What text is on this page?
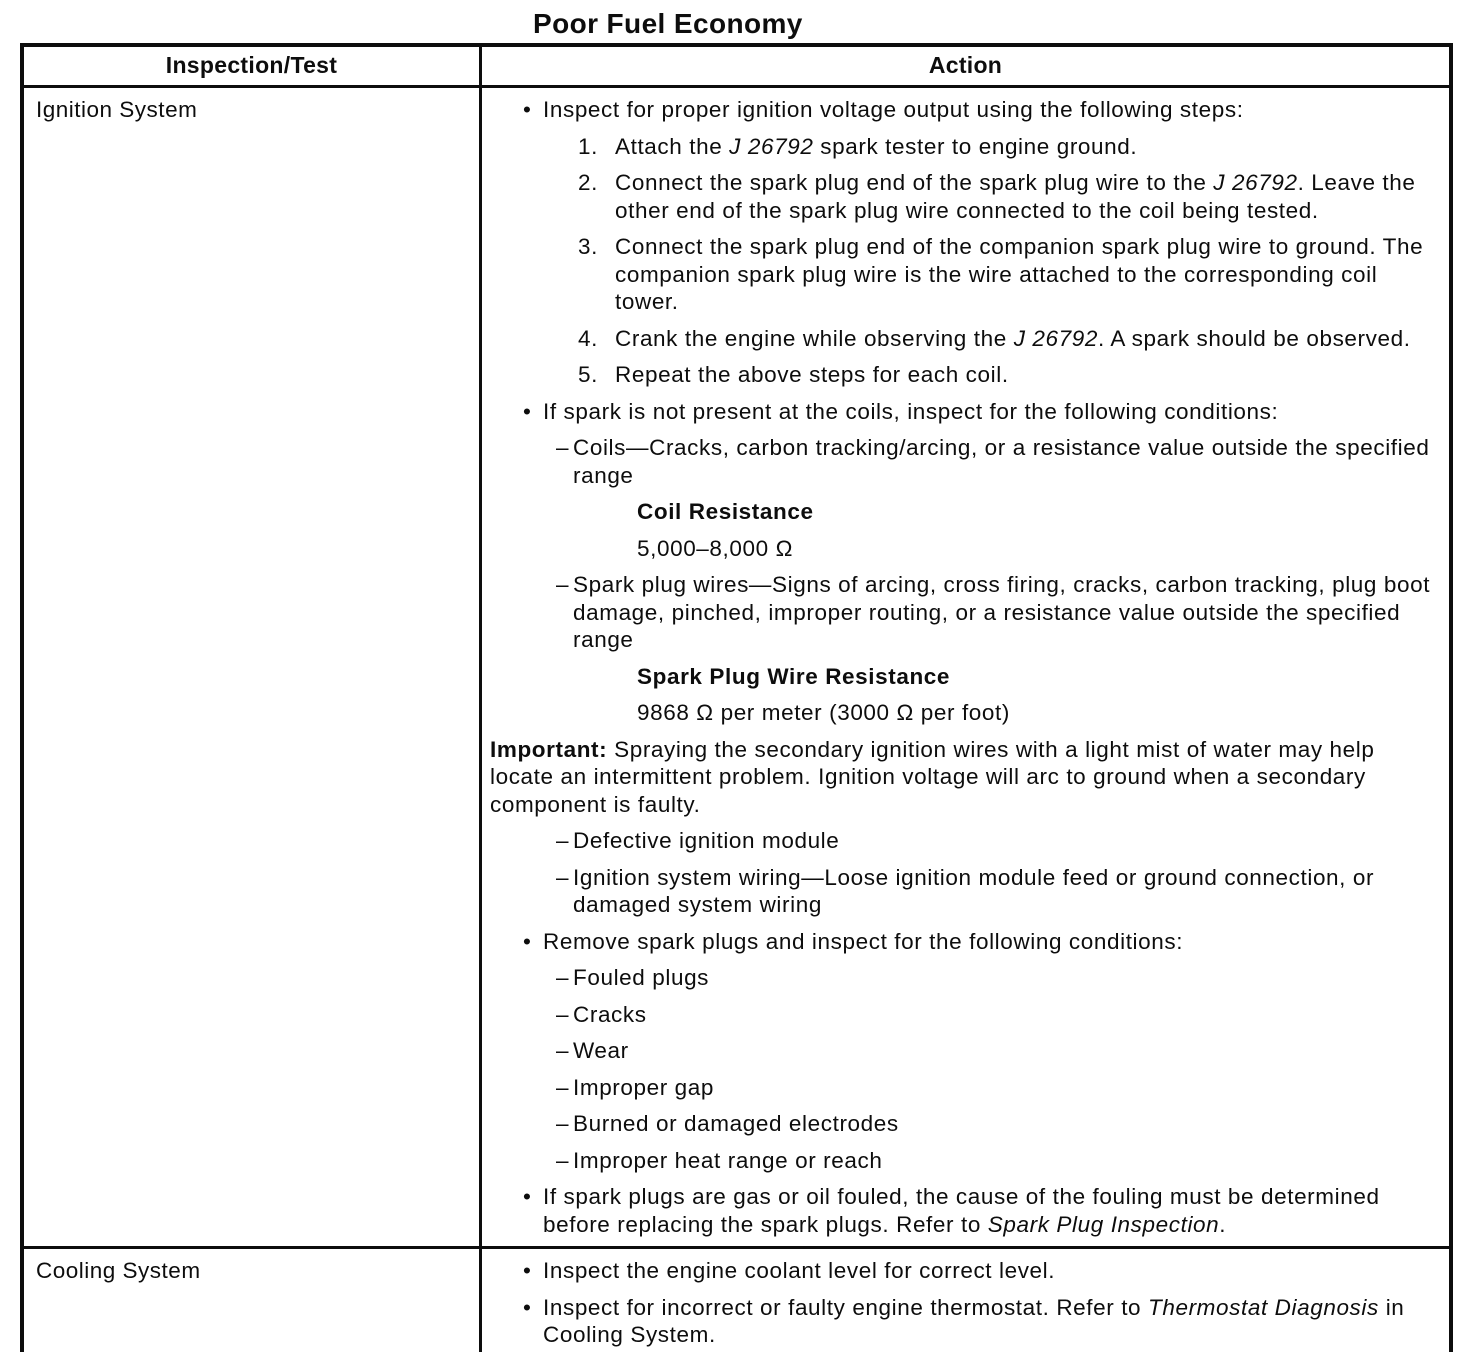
Poor Fuel Economy
Inspection/Test	Action
Ignition System	• Inspect for proper ignition voltage output using the following steps:
1. Attach the J 26792 spark tester to engine ground.
2. Connect the spark plug end of the spark plug wire to the J 26792. Leave the other end of the spark plug wire connected to the coil being tested.
3. Connect the spark plug end of the companion spark plug wire to ground. The companion spark plug wire is the wire attached to the corresponding coil tower.
4. Crank the engine while observing the J 26792. A spark should be observed.
5. Repeat the above steps for each coil.
• If spark is not present at the coils, inspect for the following conditions:
– Coils—Cracks, carbon tracking/arcing, or a resistance value outside the specified range
Coil Resistance
5,000–8,000 Ω
– Spark plug wires—Signs of arcing, cross firing, cracks, carbon tracking, plug boot damage, pinched, improper routing, or a resistance value outside the specified range
Spark Plug Wire Resistance
9868 Ω per meter (3000 Ω per foot)
Important: Spraying the secondary ignition wires with a light mist of water may help locate an intermittent problem. Ignition voltage will arc to ground when a secondary component is faulty.
– Defective ignition module
– Ignition system wiring—Loose ignition module feed or ground connection, or damaged system wiring
• Remove spark plugs and inspect for the following conditions:
– Fouled plugs
– Cracks
– Wear
– Improper gap
– Burned or damaged electrodes
– Improper heat range or reach
• If spark plugs are gas or oil fouled, the cause of the fouling must be determined before replacing the spark plugs. Refer to Spark Plug Inspection.

Cooling System	• Inspect the engine coolant level for correct level.
• Inspect for incorrect or faulty engine thermostat. Refer to Thermostat Diagnosis in Cooling System.
